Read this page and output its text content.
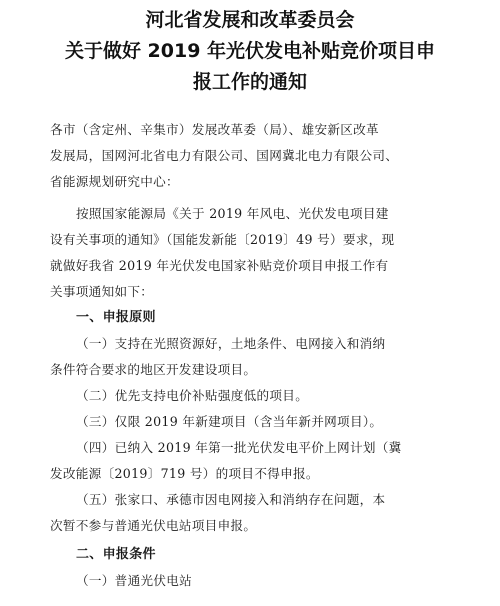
河北省发展和改革委员会
关于做好 2019 年光伏发电补贴竞价项目申
报工作的通知
各市（含定州、辛集市）发展改革委（局）、雄安新区改革
发展局，国网河北省电力有限公司、国网冀北电力有限公司、
省能源规划研究中心：
按照国家能源局《关于 2019 年风电、光伏发电项目建
设有关事项的通知》（国能发新能〔2019〕49 号）要求，现
就做好我省 2019 年光伏发电国家补贴竞价项目申报工作有
关事项通知如下：
一、申报原则
（一）支持在光照资源好，土地条件、电网接入和消纳
条件符合要求的地区开发建设项目。
（二）优先支持电价补贴强度低的项目。
（三）仅限 2019 年新建项目（含当年新并网项目）。
（四）已纳入 2019 年第一批光伏发电平价上网计划（冀
发改能源〔2019〕719 号）的项目不得申报。
（五）张家口、承德市因电网接入和消纳存在问题，本
次暂不参与普通光伏电站项目申报。
二、申报条件
（一）普通光伏电站
